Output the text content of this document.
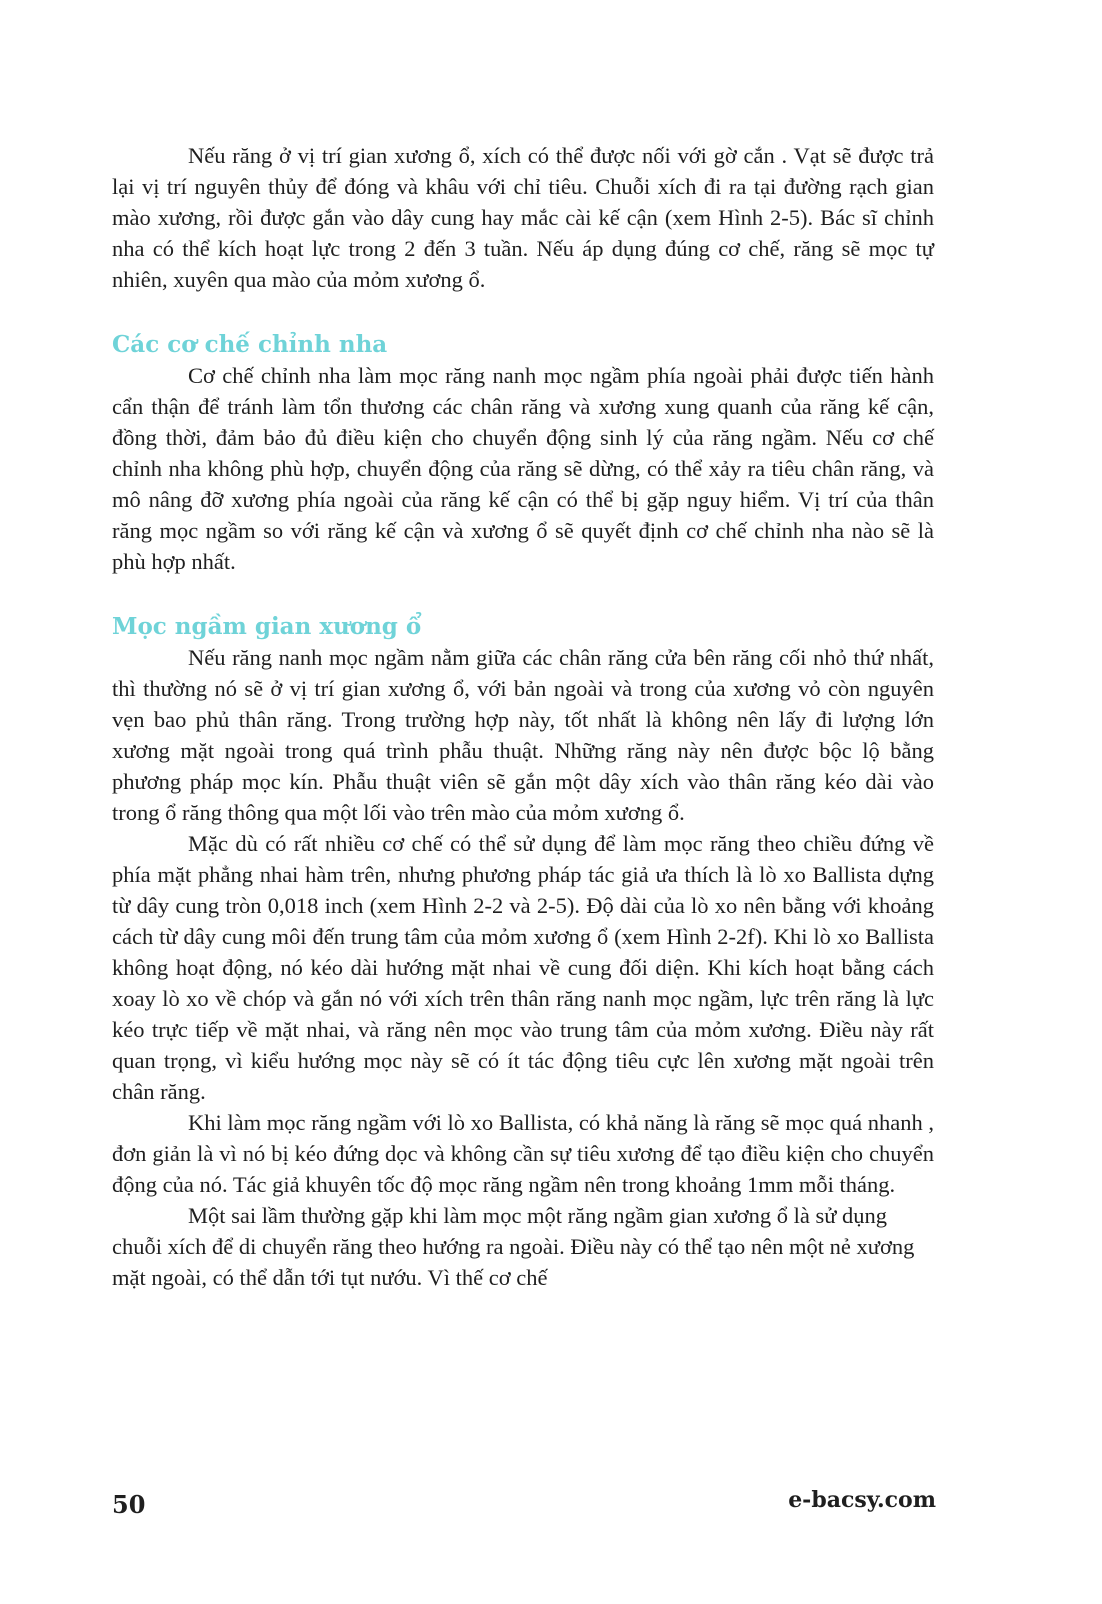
Nếu răng ở vị trí gian xương ổ, xích có thể được nối với gờ cắn . Vạt sẽ được trả lại vị trí nguyên thủy để đóng và khâu với chỉ tiêu. Chuỗi xích đi ra tại đường rạch gian mào xương, rồi được gắn vào dây cung hay mắc cài kế cận (xem Hình 2-5). Bác sĩ chỉnh nha có thể kích hoạt lực trong 2 đến 3 tuần. Nếu áp dụng đúng cơ chế, răng sẽ mọc tự nhiên, xuyên qua mào của mỏm xương ổ.

Các cơ chế chỉnh nha

Cơ chế chỉnh nha làm mọc răng nanh mọc ngầm phía ngoài phải được tiến hành cẩn thận để tránh làm tổn thương các chân răng và xương xung quanh của răng kế cận, đồng thời, đảm bảo đủ điều kiện cho chuyển động sinh lý của răng ngầm. Nếu cơ chế chỉnh nha không phù hợp, chuyển động của răng sẽ dừng, có thể xảy ra tiêu chân răng, và mô nâng đỡ xương phía ngoài của răng kế cận có thể bị gặp nguy hiểm. Vị trí của thân răng mọc ngầm so với răng kế cận và xương ổ sẽ quyết định cơ chế chỉnh nha nào sẽ là phù hợp nhất.

Mọc ngầm gian xương ổ

Nếu răng nanh mọc ngầm nằm giữa các chân răng cửa bên răng cối nhỏ thứ nhất, thì thường nó sẽ ở vị trí gian xương ổ, với bản ngoài và trong của xương vỏ còn nguyên vẹn bao phủ thân răng. Trong trường hợp này, tốt nhất là không nên lấy đi lượng lớn xương mặt ngoài trong quá trình phẫu thuật. Những răng này nên được bộc lộ bằng phương pháp mọc kín. Phẫu thuật viên sẽ gắn một dây xích vào thân răng kéo dài vào trong ổ răng thông qua một lối vào trên mào của mỏm xương ổ.

Mặc dù có rất nhiều cơ chế có thể sử dụng để làm mọc răng theo chiều đứng về phía mặt phẳng nhai hàm trên, nhưng phương pháp tác giả ưa thích là lò xo Ballista dựng từ dây cung tròn 0,018 inch (xem Hình 2-2 và 2-5). Độ dài của lò xo nên bằng với khoảng cách từ dây cung môi đến trung tâm của mỏm xương ổ (xem Hình 2-2f). Khi lò xo Ballista không hoạt động, nó kéo dài hướng mặt nhai về cung đối diện. Khi kích hoạt bằng cách xoay lò xo về chóp và gắn nó với xích trên thân răng nanh mọc ngầm, lực trên răng là lực kéo trực tiếp về mặt nhai, và răng nên mọc vào trung tâm của mỏm xương. Điều này rất quan trọng, vì kiểu hướng mọc này sẽ có ít tác động tiêu cực lên xương mặt ngoài trên chân răng.

Khi làm mọc răng ngầm với lò xo Ballista, có khả năng là răng sẽ mọc quá nhanh , đơn giản là vì nó bị kéo đứng dọc và không cần sự tiêu xương để tạo điều kiện cho chuyển động của nó. Tác giả khuyên tốc độ mọc răng ngầm nên trong khoảng 1mm mỗi tháng.

Một sai lầm thường gặp khi làm mọc một răng ngầm gian xương ổ là sử dụng chuỗi xích để di chuyển răng theo hướng ra ngoài. Điều này có thể tạo nên một nẻ xương mặt ngoài, có thể dẫn tới tụt nướu. Vì thế cơ chế

50	e-bacsy.com
